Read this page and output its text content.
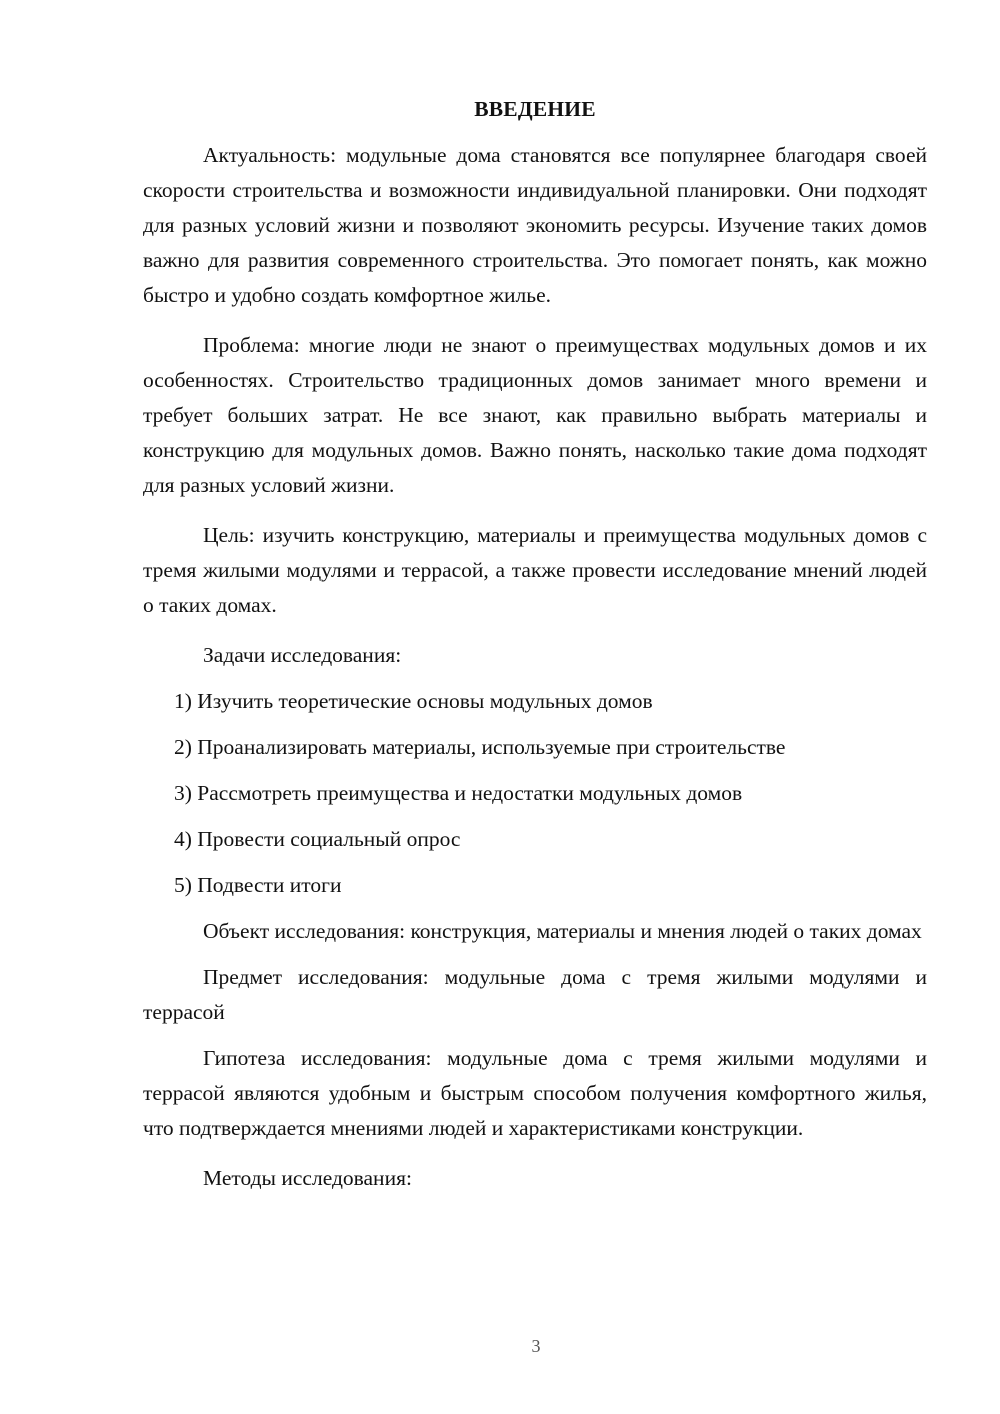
ВВЕДЕНИЕ

Актуальность: модульные дома становятся все популярнее благодаря своей скорости строительства и возможности индивидуальной планировки. Они подходят для разных условий жизни и позволяют экономить ресурсы. Изучение таких домов важно для развития современного строительства. Это помогает понять, как можно быстро и удобно создать комфортное жилье.

Проблема: многие люди не знают о преимуществах модульных домов и их особенностях. Строительство традиционных домов занимает много времени и требует больших затрат. Не все знают, как правильно выбрать материалы и конструкцию для модульных домов. Важно понять, насколько такие дома подходят для разных условий жизни.

Цель: изучить конструкцию, материалы и преимущества модульных домов с тремя жилыми модулями и террасой, а также провести исследование мнений людей о таких домах.

Задачи исследования:

1) Изучить теоретические основы модульных домов

2) Проанализировать материалы, используемые при строительстве

3) Рассмотреть преимущества и недостатки модульных домов

4) Провести социальный опрос

5) Подвести итоги

Объект исследования: конструкция, материалы и мнения людей о таких домах

Предмет исследования: модульные дома с тремя жилыми модулями и террасой

Гипотеза исследования: модульные дома с тремя жилыми модулями и террасой являются удобным и быстрым способом получения комфортного жилья, что подтверждается мнениями людей и характеристиками конструкции.

Методы исследования:

3
